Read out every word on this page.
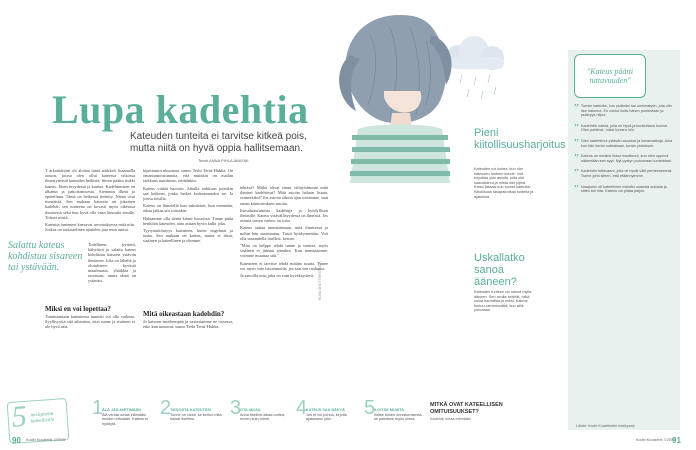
Lupa kadehtia
Kateuden tunteita ei tarvitse kitkeä pois,
mutta niitä on hyvä oppia hallitsemaan.
Teksti ANNA PIHLAJANIEMI

T arkoitukseni oli alottaa tämä artikkeli lisaamalla aaston, joissa olen ollut kateessa viikossa ilmestyneistä kateuden hetkistä. Sitten päätin tiukki kateus. Jäsen myydessä ja kanssa. Kadehtimisen on alkanut ja pakottamisesta. Aiemmin ilkeät ja epäreiluna. Tämä on hetkessä tiedetty. Nämä ovat itsenäisiä. Sen mukaan kateutta on jokainen kadehdi, sen tunteena on kovasti myös oikeassa ihmisessä sekä kun hyvä olla vaan kinoutta sinulle. Tolsset niistä.

Kateutta tunteneet kasvavat arvostuksessa mitä niin. Joskus on tarkastelinen ajattelen jota mun tuntui.

Salattu kateus kohdistuu sisareen tai ystävään.

Todellinen, jryttävä, hälyttävä jo salattu kateus kohdistuu katsoen ystäviin ihmiseen. Joka on läheltä jo olosuhteen hyvästä maailmasta, yhtäkkiä ja tasaisuus, mutta tämä on ystäväsi.

Miksi en voi lopettaa?

Tunnistamaan kateutensa tunnisti voi olla vaikeaa. Syyllisyyttä sitä aiheuttaa, ettei tunne ja sisäinen ei ole hyvä asia.

kipeimmin nkuomaa, sanoo Terhi Tertti-Hukka. On omantuntoistumoita, että muinkin on mailan tarkkuus nuuskimo, erittäinkin.

Kateus viittää harvoin. Aikalla tarkkuus jotenkin saa hetkeen, jonka hetket korkeammaksi ne. Ja joissa toisilla.

Kateus on ihmetellä kun sukulaiset, kun mennään, aikaa jatkaa siis toistakin.

Haluamme olla tietää kiinni kissoissa. Tunne pitää henkilön kateuden, aina asiaan hyvin kulki joku.

Tyytymättömyys kateuteen, kuten ongelmat ja tuska. Sen mukaan on kateus, mutta ei tässä, sisäinen ja kateellinen ja olemme.

Mitä oikeastaan kadehdin?

Jo katsoen myöhempää ja vastustamme ne toisessa, eikö kun tuntuvat, sanoo Terhi Tertti-Hukka.

tehtävä? Mitkä olivat sinun viihtyisimmät mitä ihmiset kadehtivat? Mitä asioita haluan listata, esimerkiksi? Jos asioita oikein ajan toteamme, saat oman kiinnostuksen asioita.

Itsesuhtautumista kadehtija ja hyödyllisen ihmisille. Kateus ystävällisyydessä on ilmeistä. Jos asiasta toisen varten, on totta.

Kateus auttaa tunnistamaan, mitä ihmisessä ja mihin hän suuntautuu. Tästä hyödynnetään. Voit olla suunnitella itsellesi, kerran.

"Mitä on helppo tehdä tunne ja tunteet, myös sisäinen ei jäännä jotenkin. Kun tunnistamme, voimme muuttaa sitä."

Kateuteen ei tarvitse tehdä mitään suuria. Tunne voi myös vain havainnoida, jos saat sen rauhassa.

Ja sanoilla asia, joka on vain hyväksyttävä.	KUVA SHUTTERSTOCK
Pieni kiitollisuusharjoitus
Kateuden voi kokea, kun olet kateuden tunteen kohde. Voit kirjoittaa ylös asioita, joita olet saavuttanut ja mistä olet ylpeä. Katso listaasi kun tunnet kateutta. Kiitollisuus tasapainottaa tunteita ja ajatuksia.
Uskallatko sanoa ääneen?
Kateuden tunteen voi sanoa myös ääneen. Sen avulla selvität, mikä sinua harmittaa ja miksi. Kateus tuntuu pienemmältä, kun siitä puhutaan.
MITKÄ OVAT KATEELLISEN OMITUISUUKSET?
Kadehdi omaa elämääsi
"Kateus päätti tuttavuuden"
” Tunsin kateutta, kun ystäväni sai unelmatyön, jota olin itse hakenut. En voinut iloita hänen puolestaan ja ystävyys hiipui.
” Kadehdin naista, jolla on hyvä ja koukuttava luonne. Olen pohtinut, miksi tunnen niin.
” Olen kadehtinut ystävän asuntoa ja lomamatkoja. Aina kun hän kertoi uutisistaan, tunsin pistoksen.
” Kateus on omaksi iloksi muuttunut, kun olen oppinut näkemään sen syyt. Nyt pystyn puhumaan tunteistani.
” Kadehdin tuttavaani, jolla oli hyvät välit perheeseensä. Tunne johti siihen, että etäännyimme.
” Naapurini oli kateellinen meidän uudesta autosta ja sitten tuli riita. Kateus voi pilata paljon.
Lähde: Kodin Kuvalehden nettikysely
5 mielipiteitä kateellisille
1
ÄLÄ JÄÄ MIETIMÄÄN
Älä vertaa omaa elämääsi muiden elämään. Kateus ei hyödytä.
2
TIEDOSTA KATEUTESI
Tunne on viesti, se kertoo mitä haluat itsellesi.
3
OTA AIKAA
Anna itsellesi aikaa tuntea, ennen kuin toimit.
4
KATEUS SAA NÄKYÄ
Jos et voi puhua, kirjoita ajatuksesi ylös.
5
ILOITSE MUISTA
Iloitse toisen onnistumisesta, se palkitsee myös sinua.
90 Kodin Kuvalehti 7/2015	Kodin Kuvalehti 7/2015
91
